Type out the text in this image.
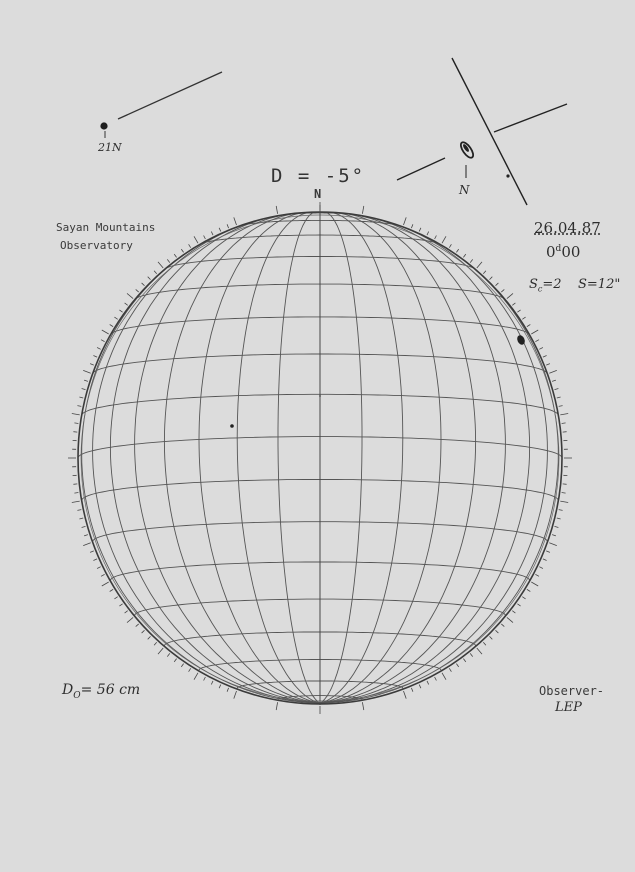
D = -5°
N
Sayan Mountains
Observatory
26.04.87
0$^d$00
$S_c=2$ S=12"
21N
N
$D_O= 56$ cm	Observer-
LEP
